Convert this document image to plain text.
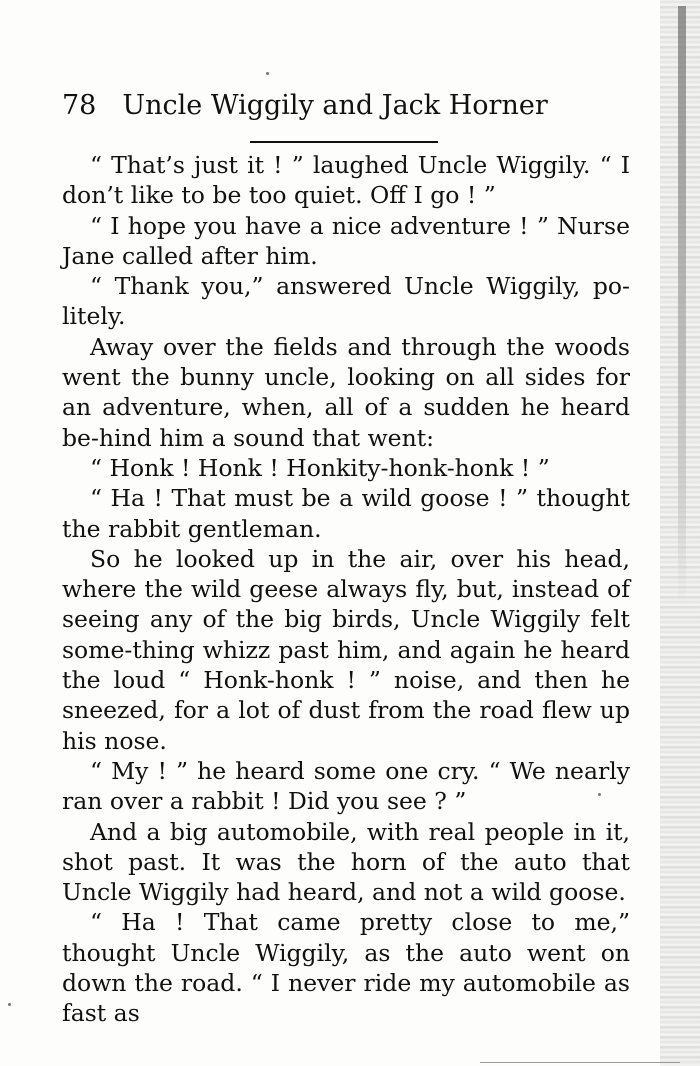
78 Uncle Wiggily and Jack Horner

“ That’s just it ! ” laughed Uncle Wiggily. “ I don’t like to be too quiet. Off I go ! ”

“ I hope you have a nice adventure ! ” Nurse Jane called after him.

“ Thank you,” answered Uncle Wiggily, po-litely.

Away over the fields and through the woods went the bunny uncle, looking on all sides for an adventure, when, all of a sudden he heard be-hind him a sound that went:

“ Honk ! Honk ! Honkity-honk-honk ! ”

“ Ha ! That must be a wild goose ! ” thought the rabbit gentleman.

So he looked up in the air, over his head, where the wild geese always fly, but, instead of seeing any of the big birds, Uncle Wiggily felt some-thing whizz past him, and again he heard the loud “ Honk-honk ! ” noise, and then he sneezed, for a lot of dust from the road flew up his nose.

“ My ! ” he heard some one cry. “ We nearly ran over a rabbit ! Did you see ? ”

And a big automobile, with real people in it, shot past. It was the horn of the auto that Uncle Wiggily had heard, and not a wild goose.

“ Ha ! That came pretty close to me,” thought Uncle Wiggily, as the auto went on down the road. “ I never ride my automobile as fast as
